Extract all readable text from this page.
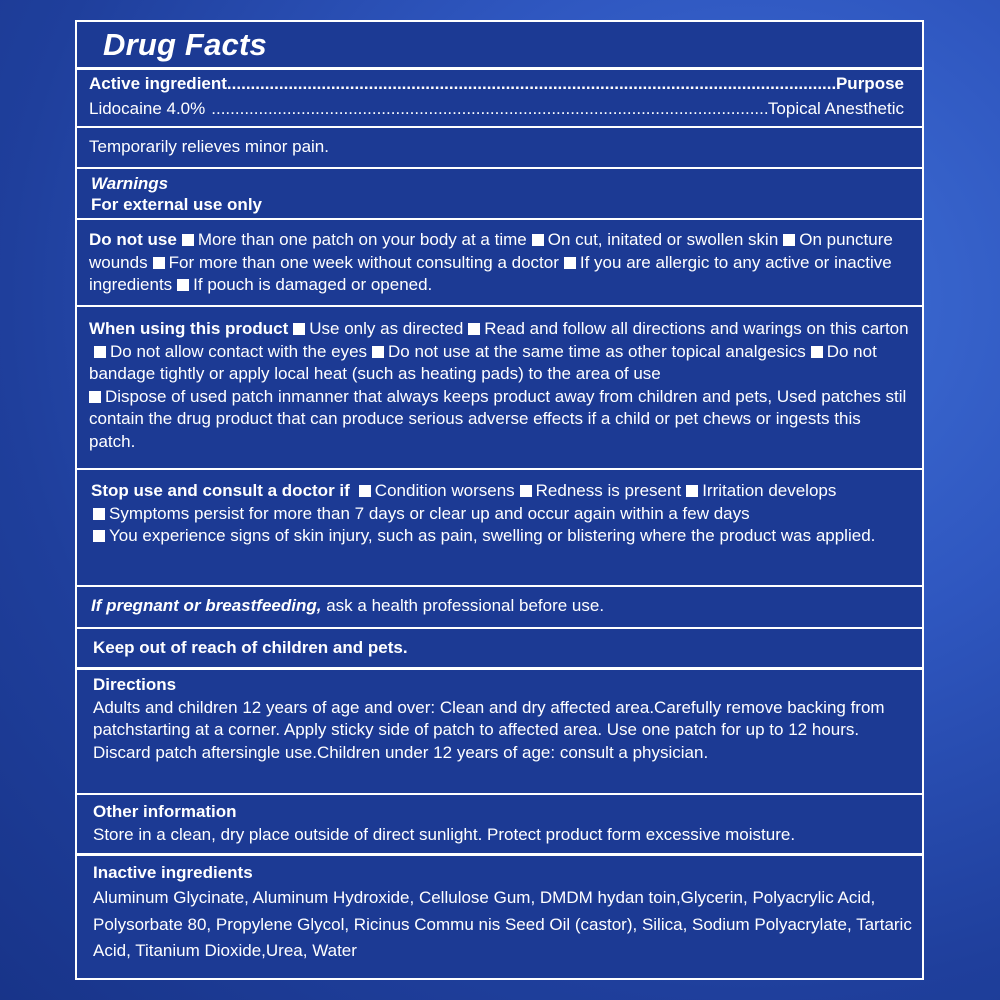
Drug Facts
Active ingredient .....	Purpose
Lidocaine 4.0% .....	Topical Anesthetic

Temporarily relieves minor pain.

Warnings

For external use only

Do not use More than one patch on your body at a time On cut, initated or swollen skin On puncture wounds For more than one week without consulting a doctor If you are allergic to any active or inactive ingredients If pouch is damaged or opened.

When using this product Use only as directed Read and follow all directions and warings on this cartonDo not allow contact with the eyes Do not use at the same time as other topical analgesics Do not bandage tightly or apply local heat (such as heating pads) to the area of use
Dispose of used patch inmanner that always keeps product away from children and pets, Used patches stil contain the drug product that can produce serious adverse effects if a child or pet chews or ingests this patch.

Stop use and consult a doctor if Condition worsens Redness is present Irritation develops
Symptoms persist for more than 7 days or clear up and occur again within a few days
You experience signs of skin injury, such as pain, swelling or blistering where the product was applied.

If pregnant or breastfeeding, ask a health professional before use.

Keep out of reach of children and pets.

Directions

Adults and children 12 years of age and over: Clean and dry affected area.Carefully remove backing from patchstarting at a corner. Apply sticky side of patch to affected area. Use one patch for up to 12 hours. Discard patch aftersingle use.Children under 12 years of age: consult a physician.

Other information

Store in a clean, dry place outside of direct sunlight. Protect product form excessive moisture.

Inactive ingredients

Aluminum Glycinate, Aluminum Hydroxide, Cellulose Gum, DMDM hydan toin,Glycerin, Polyacrylic Acid, Polysorbate 80, Propylene Glycol, Ricinus Commu nis Seed Oil (castor), Silica, Sodium Polyacrylate, Tartaric Acid, Titanium Dioxide,Urea, Water
